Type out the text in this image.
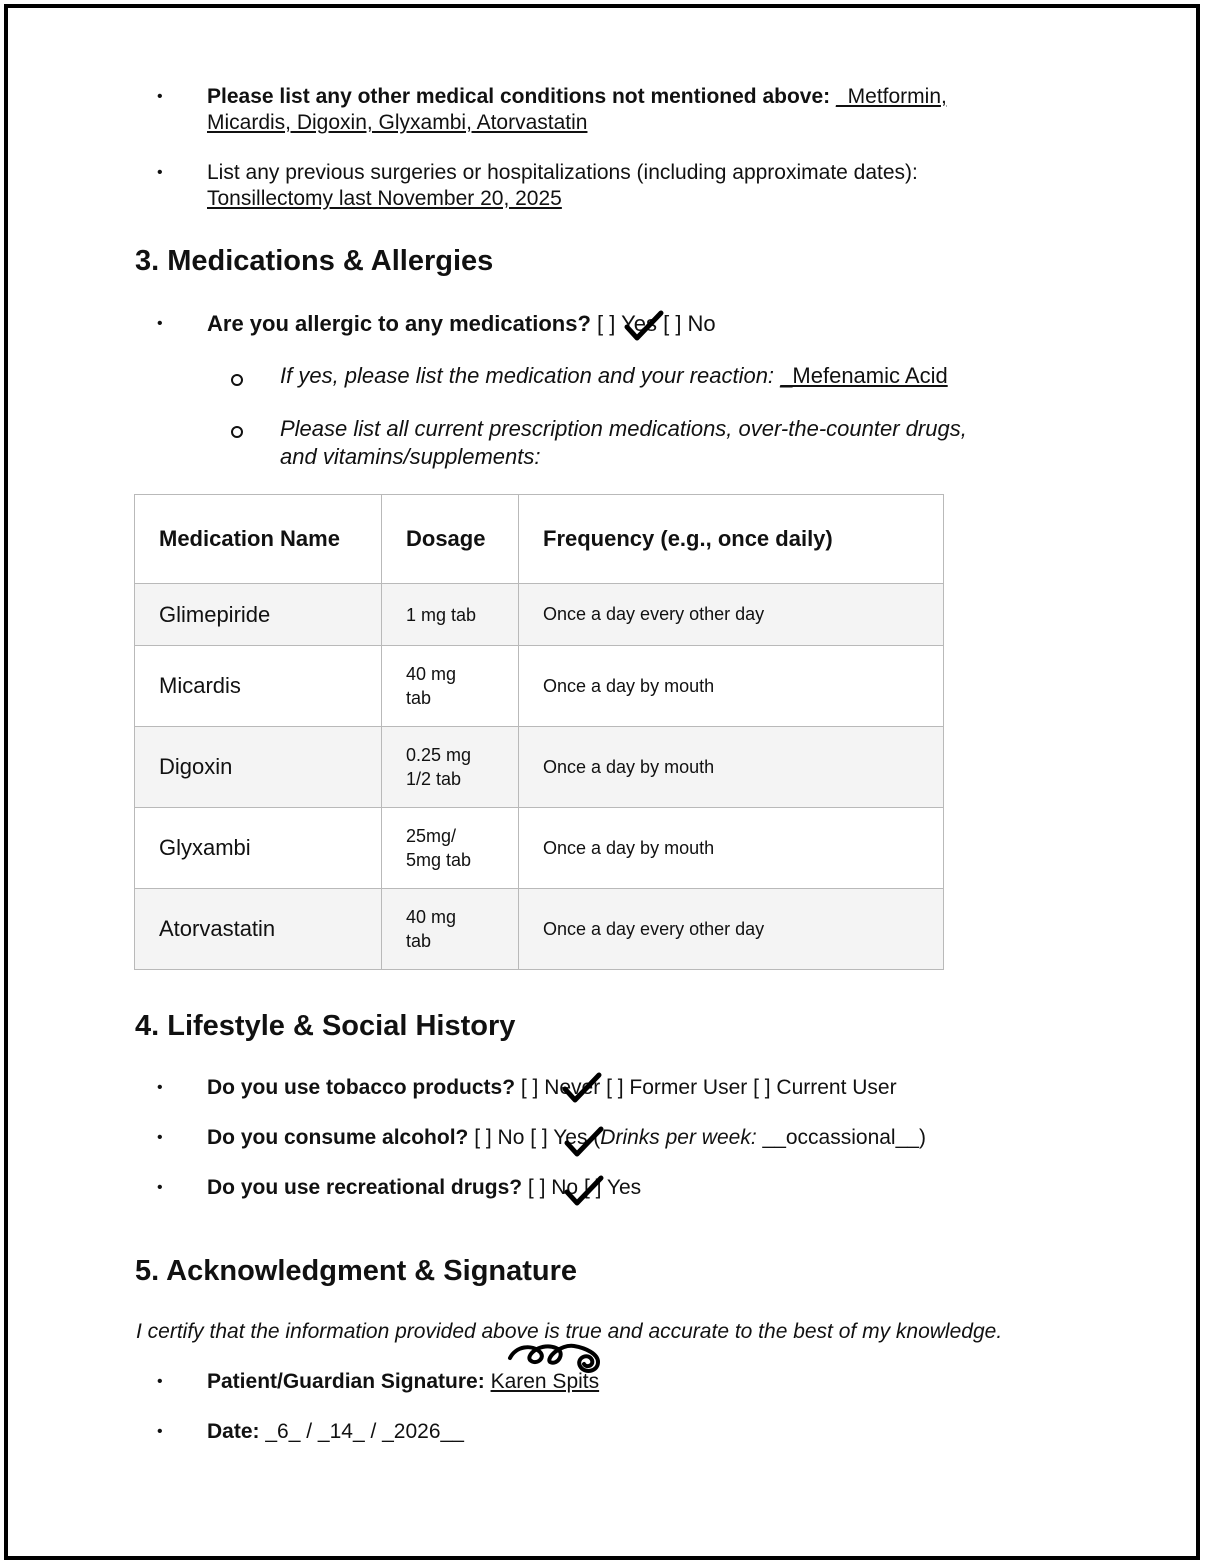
• Please list any other medical conditions not mentioned above: _Metformin,
Micardis, Digoxin, Glyxambi, Atorvastatin
• List any previous surgeries or hospitalizations (including approximate dates):
Tonsillectomy last November 20, 2025
3. Medications & Allergies
• Are you allergic to any medications? [ ] Yes [ ] No
If yes, please list the medication and your reaction: _Mefenamic Acid
Please list all current prescription medications, over-the-counter drugs,
and vitamins/supplements:
Medication Name	Dosage	Frequency (e.g., once daily)
Glimepiride	1 mg tab	Once a day every other day
Micardis	40 mg
tab	Once a day by mouth
Digoxin	0.25 mg
1/2 tab	Once a day by mouth
Glyxambi	25mg/
5mg tab	Once a day by mouth
Atorvastatin	40 mg
tab	Once a day every other day
4. Lifestyle & Social History
• Do you use tobacco products? [ ] Never [ ] Former User [ ] Current User
• Do you consume alcohol? [ ] No [ ] Yes (Drinks per week: __occassional__)
• Do you use recreational drugs? [ ] No [ ] Yes
5. Acknowledgment & Signature
I certify that the information provided above is true and accurate to the best of my knowledge.
• Patient/Guardian Signature: Karen Spits
• Date: _6_ / _14_ / _2026__
